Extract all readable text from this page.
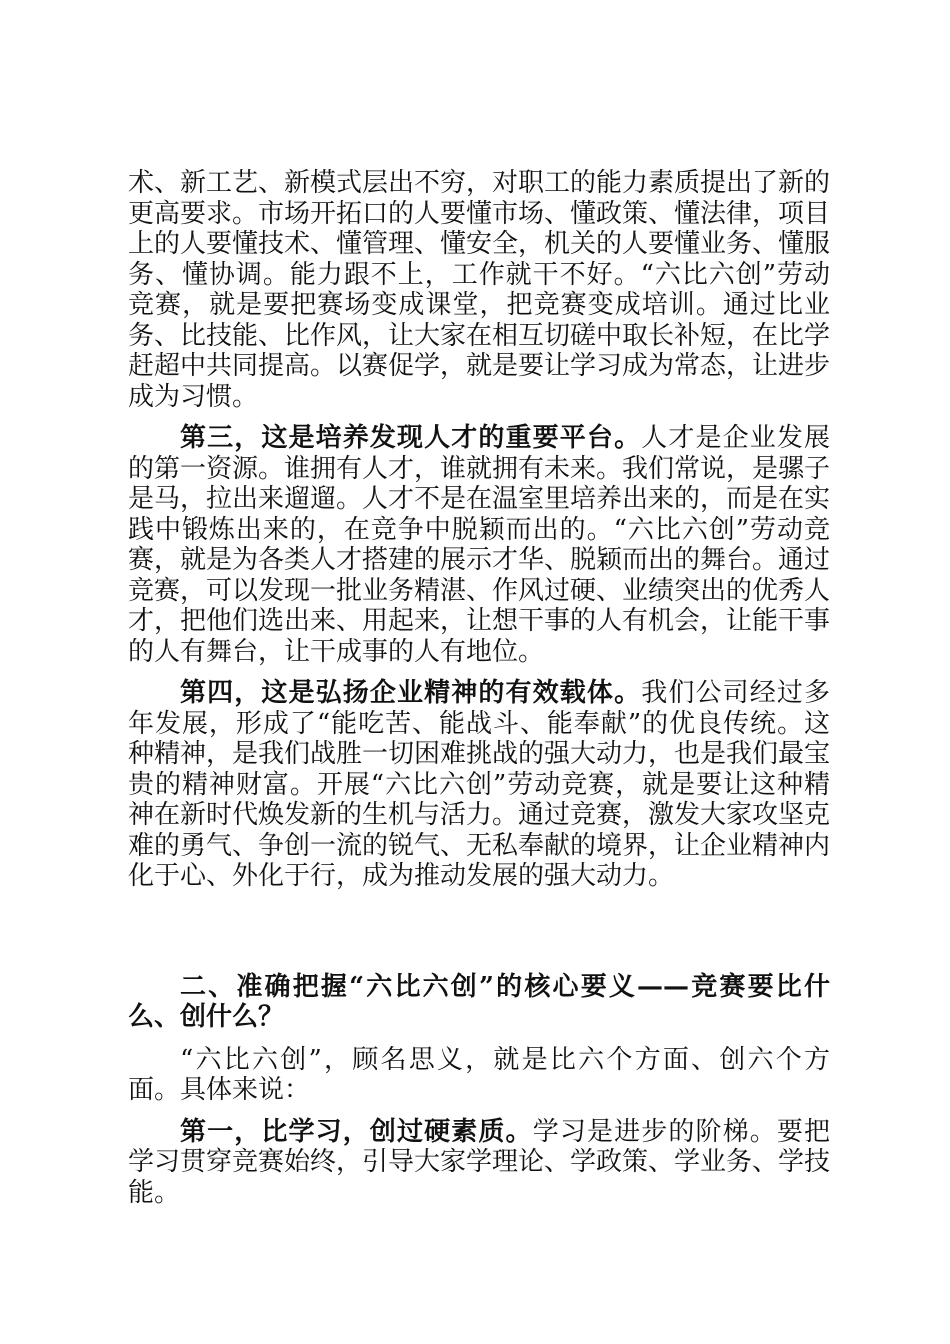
术、新工艺、新模式层出不穷，对职工的能力素质提出了新的更高要求。市场开拓口的人要懂市场、懂政策、懂法律，项目上的人要懂技术、懂管理、懂安全，机关的人要懂业务、懂服务、懂协调。能力跟不上，工作就干不好。“六比六创”劳动竞赛，就是要把赛场变成课堂，把竞赛变成培训。通过比业务、比技能、比作风，让大家在相互切磋中取长补短，在比学赶超中共同提高。以赛促学，就是要让学习成为常态，让进步成为习惯。

第三，这是培养发现人才的重要平台。人才是企业发展的第一资源。谁拥有人才，谁就拥有未来。我们常说，是骡子是马，拉出来遛遛。人才不是在温室里培养出来的，而是在实践中锻炼出来的，在竞争中脱颖而出的。“六比六创”劳动竞赛，就是为各类人才搭建的展示才华、脱颖而出的舞台。通过竞赛，可以发现一批业务精湛、作风过硬、业绩突出的优秀人才，把他们选出来、用起来，让想干事的人有机会，让能干事的人有舞台，让干成事的人有地位。

第四，这是弘扬企业精神的有效载体。我们公司经过多年发展，形成了“能吃苦、能战斗、能奉献”的优良传统。这种精神，是我们战胜一切困难挑战的强大动力，也是我们最宝贵的精神财富。开展“六比六创”劳动竞赛，就是要让这种精神在新时代焕发新的生机与活力。通过竞赛，激发大家攻坚克难的勇气、争创一流的锐气、无私奉献的境界，让企业精神内化于心、外化于行，成为推动发展的强大动力。

二、准确把握“六比六创”的核心要义——竞赛要比什么、创什么？

“六比六创”，顾名思义，就是比六个方面、创六个方面。具体来说：

第一，比学习，创过硬素质。学习是进步的阶梯。要把学习贯穿竞赛始终，引导大家学理论、学政策、学业务、学技能。
